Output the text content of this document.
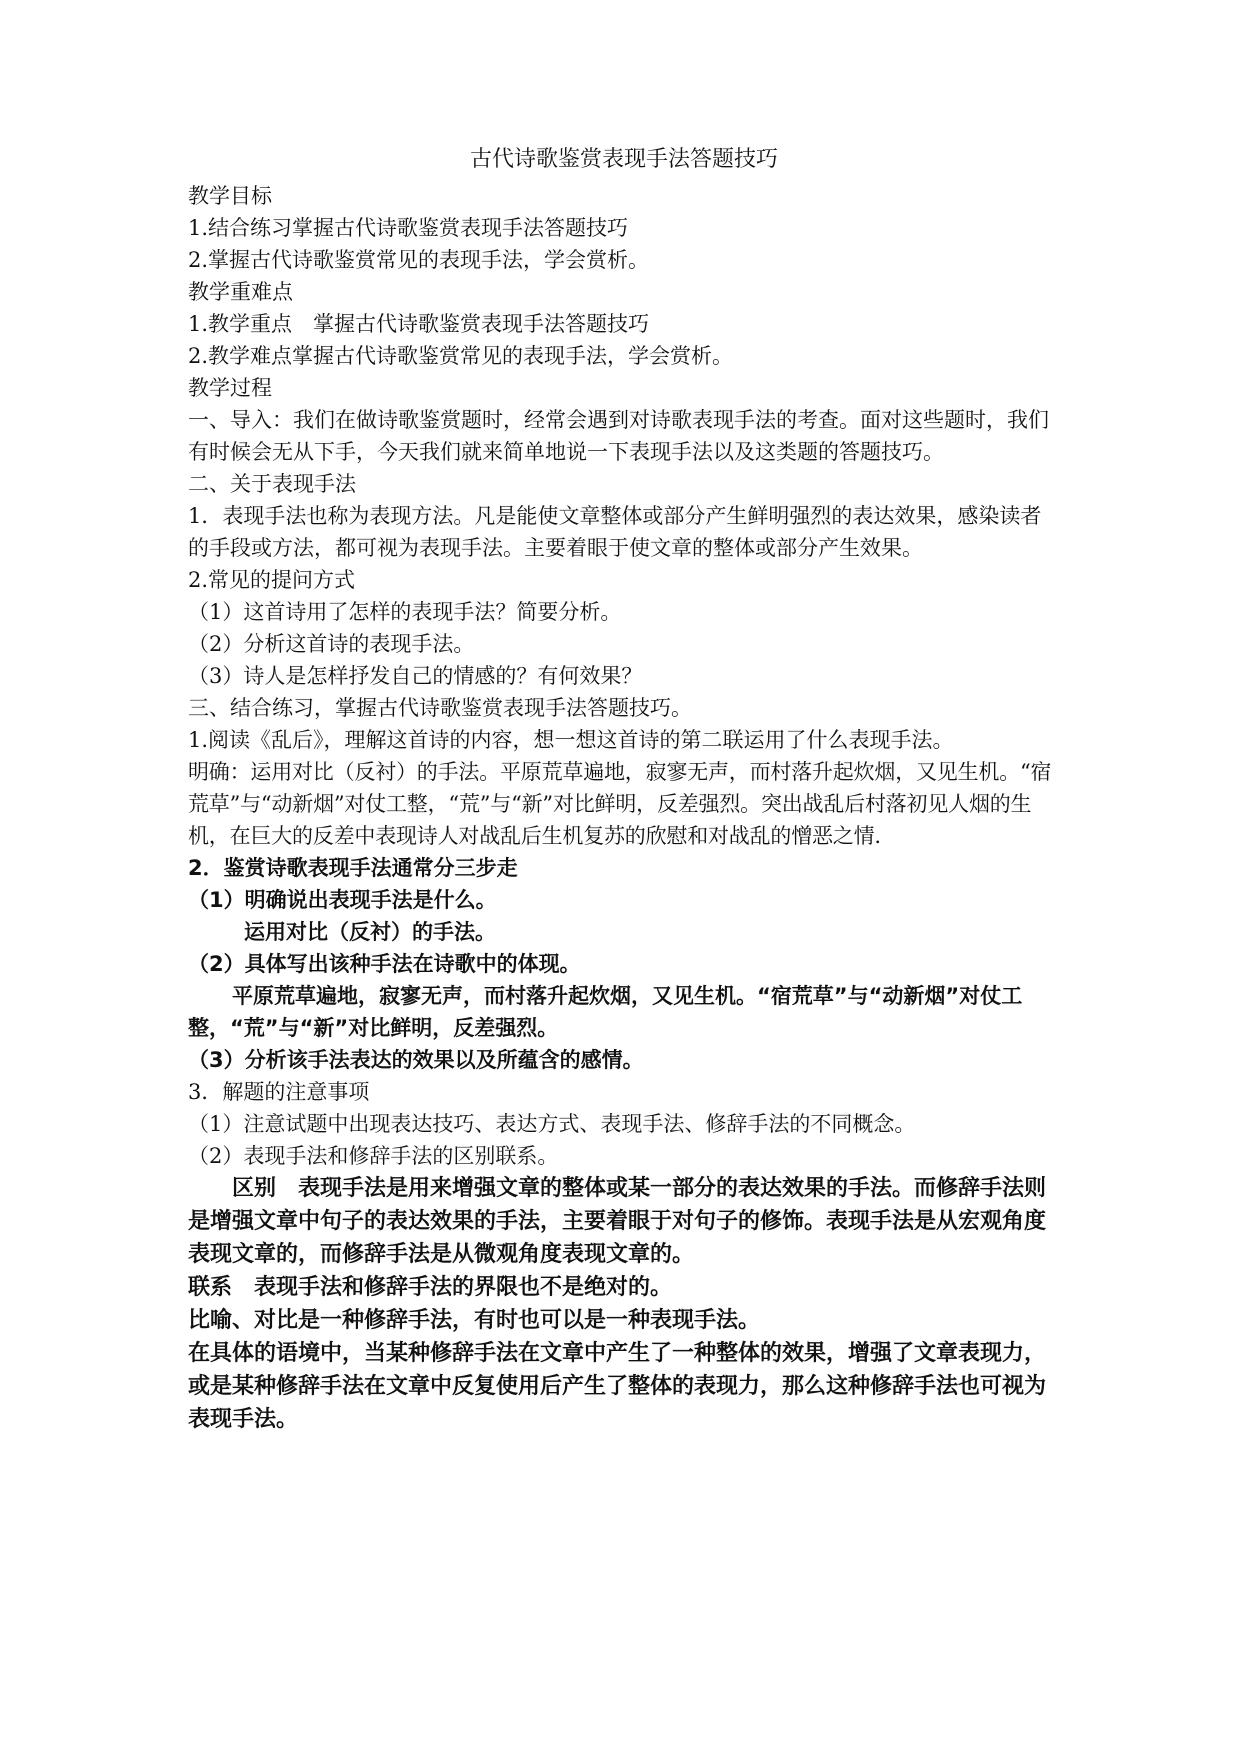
古代诗歌鉴赏表现手法答题技巧
教学目标
1.结合练习掌握古代诗歌鉴赏表现手法答题技巧
2.掌握古代诗歌鉴赏常见的表现手法，学会赏析。
教学重难点
1.教学重点　掌握古代诗歌鉴赏表现手法答题技巧
2.教学难点掌握古代诗歌鉴赏常见的表现手法，学会赏析。
教学过程
一、导入：我们在做诗歌鉴赏题时，经常会遇到对诗歌表现手法的考查。面对这些题时，我们有时候会无从下手，今天我们就来简单地说一下表现手法以及这类题的答题技巧。
二、关于表现手法
1．表现手法也称为表现方法。凡是能使文章整体或部分产生鲜明强烈的表达效果，感染读者的手段或方法，都可视为表现手法。主要着眼于使文章的整体或部分产生效果。
2.常见的提问方式
（1）这首诗用了怎样的表现手法？简要分析。
（2）分析这首诗的表现手法。
（3）诗人是怎样抒发自己的情感的？有何效果？
三、结合练习，掌握古代诗歌鉴赏表现手法答题技巧。
1.阅读《乱后》，理解这首诗的内容，想一想这首诗的第二联运用了什么表现手法。
明确：运用对比（反衬）的手法。平原荒草遍地，寂寥无声，而村落升起炊烟，又见生机。“宿荒草”与“动新烟”对仗工整，“荒”与“新”对比鲜明，反差强烈。突出战乱后村落初见人烟的生机，在巨大的反差中表现诗人对战乱后生机复苏的欣慰和对战乱的憎恶之情.
2．鉴赏诗歌表现手法通常分三步走
（1）明确说出表现手法是什么。
运用对比（反衬）的手法。
（2）具体写出该种手法在诗歌中的体现。
平原荒草遍地，寂寥无声，而村落升起炊烟，又见生机。“宿荒草”与“动新烟”对仗工整，“荒”与“新”对比鲜明，反差强烈。
（3）分析该手法表达的效果以及所蕴含的感情。
3．解题的注意事项
（1）注意试题中出现表达技巧、表达方式、表现手法、修辞手法的不同概念。
（2）表现手法和修辞手法的区别联系。
区别　表现手法是用来增强文章的整体或某一部分的表达效果的手法。而修辞手法则是增强文章中句子的表达效果的手法，主要着眼于对句子的修饰。表现手法是从宏观角度表现文章的，而修辞手法是从微观角度表现文章的。
联系　表现手法和修辞手法的界限也不是绝对的。
比喻、对比是一种修辞手法，有时也可以是一种表现手法。
在具体的语境中，当某种修辞手法在文章中产生了一种整体的效果，增强了文章表现力，或是某种修辞手法在文章中反复使用后产生了整体的表现力，那么这种修辞手法也可视为表现手法。
